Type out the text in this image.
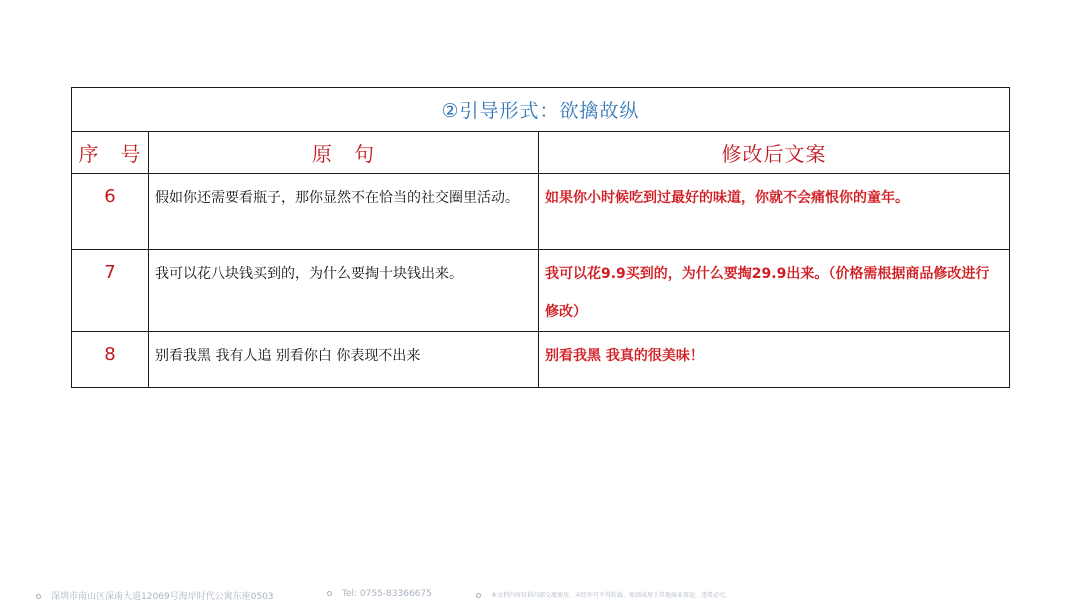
②引导形式：欲擒故纵		
序　号	原　句	修改后文案
6	假如你还需要看瓶子，那你显然不在恰当的社交圈里活动。	如果你小时候吃到过最好的味道，你就不会痛恨你的童年。
7	我可以花八块钱买到的，为什么要掏十块钱出来。	我可以花9.9买到的，为什么要掏29.9出来。（价格需根据商品修改进行修改）
8	别看我黑 我有人追 别看你白 你表现不出来	别看我黑 我真的很美味！
深圳市南山区深南大道12069号海岸时代公寓东座0503	Tel: 0755-83366675	本文档内容仅供内部交流使用，未经许可不得转载、复制或用于其他商业用途，违者必究。
